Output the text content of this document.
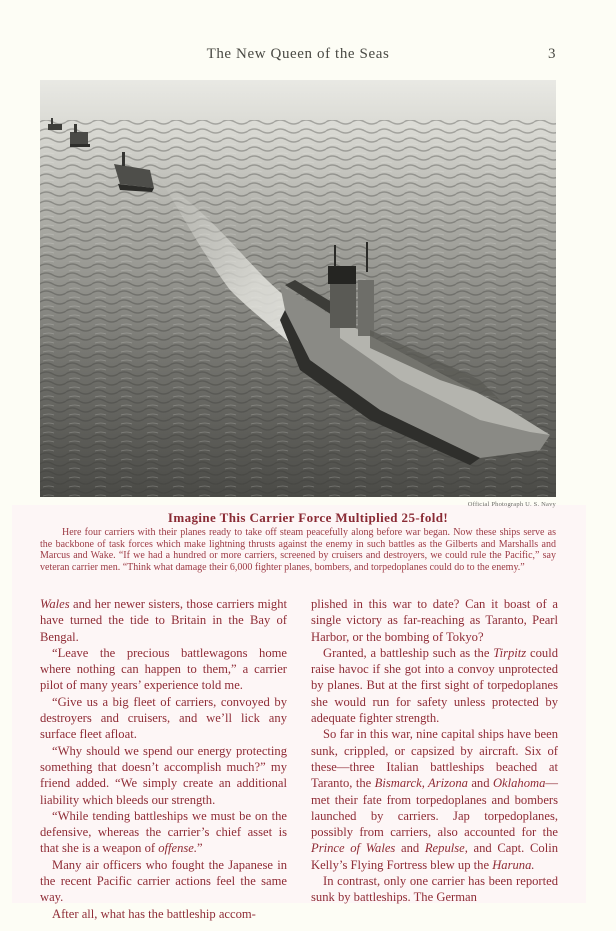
The New Queen of the Seas	3
Official Photograph U. S. Navy
Imagine This Carrier Force Multiplied 25-fold!
Here four carriers with their planes ready to take off steam peacefully along before war began. Now these ships serve as the backbone of task forces which make lightning thrusts against the enemy in such battles as the Gilberts and Marshalls and Marcus and Wake. “If we had a hundred or more carriers, screened by cruisers and destroyers, we could rule the Pacific,” say veteran carrier men. “Think what damage their 6,000 fighter planes, bombers, and torpedoplanes could do to the enemy.”

Wales and her newer sisters, those carriers might have turned the tide to Britain in the Bay of Bengal.

“Leave the precious battlewagons home where nothing can happen to them,” a carrier pilot of many years’ experience told me.

“Give us a big fleet of carriers, convoyed by destroyers and cruisers, and we’ll lick any surface fleet afloat.

“Why should we spend our energy protecting something that doesn’t accomplish much?” my friend added. “We simply create an additional liability which bleeds our strength.

“While tending battleships we must be on the defensive, whereas the carrier’s chief asset is that she is a weapon of offense.”

Many air officers who fought the Japanese in the recent Pacific carrier actions feel the same way.

After all, what has the battleship accom-

plished in this war to date? Can it boast of a single victory as far-reaching as Taranto, Pearl Harbor, or the bombing of Tokyo?

Granted, a battleship such as the Tirpitz could raise havoc if she got into a convoy unprotected by planes. But at the first sight of torpedoplanes she would run for safety unless protected by adequate fighter strength.

So far in this war, nine capital ships have been sunk, crippled, or capsized by aircraft. Six of these—three Italian battleships beached at Taranto, the Bismarck, Arizona and Oklahoma—met their fate from torpedoplanes and bombers launched by carriers. Jap torpedoplanes, possibly from carriers, also accounted for the Prince of Wales and Repulse, and Capt. Colin Kelly’s Flying Fortress blew up the Haruna.

In contrast, only one carrier has been reported sunk by battleships. The German
